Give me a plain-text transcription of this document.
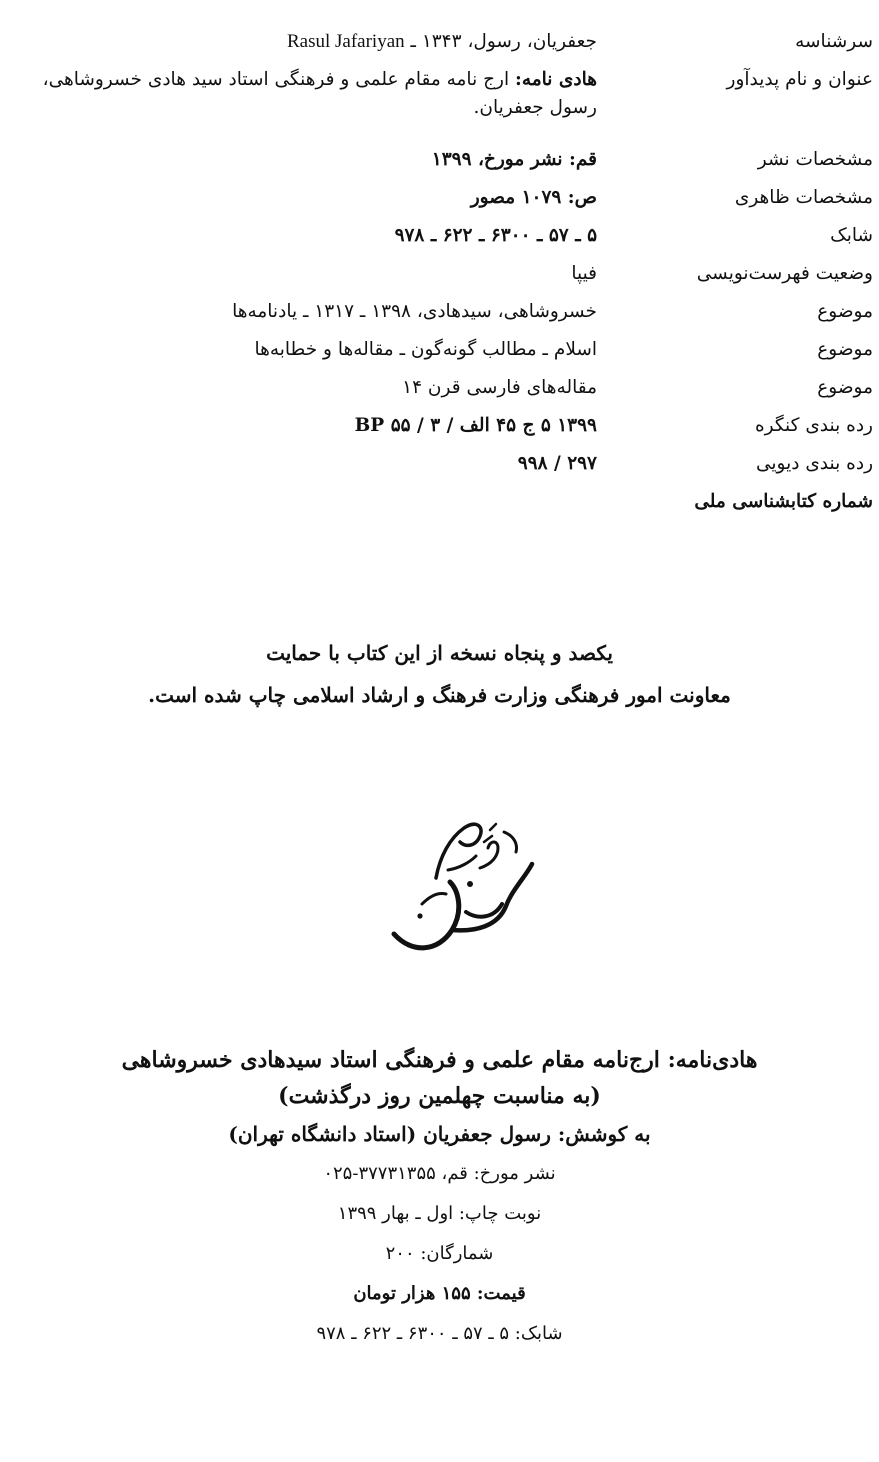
سرشناسه
جعفریان، رسول، ۱۳۴۳ ـ Rasul Jafariyan
عنوان و نام پدیدآور
هادی نامه: ارج نامه مقام علمی و فرهنگی استاد سید هادی خسروشاهی، رسول جعفریان.
مشخصات نشر
قم: نشر مورخ، ۱۳۹۹
مشخصات ظاهری
ص: ۱۰۷۹ مصور
شابک
۵ ـ ۵۷ ـ ۶۳۰۰ ـ ۶۲۲ ـ ۹۷۸
وضعیت فهرست‌نویسی
فیپا
موضوع
خسروشاهی، سیدهادی، ۱۳۹۸ ـ ۱۳۱۷ ـ یادنامه‌ها
موضوع
اسلام ـ مطالب گونه‌گون ـ مقاله‌ها و خطابه‌ها
موضوع
مقاله‌های فارسی قرن ۱۴
رده بندی کنگره
۱۳۹۹ ۵ ج ۴۵ الف / ۳ / ۵۵ BP
رده بندی دیویی
۲۹۷ / ۹۹۸
شماره کتابشناسی ملی
یکصد و پنجاه نسخه از این کتاب با حمایت
معاونت امور فرهنگی وزارت فرهنگ و ارشاد اسلامی چاپ شده است.
هادی‌نامه: ارج‌نامه مقام علمی و فرهنگی استاد سیدهادی خسروشاهی
(به مناسبت چهلمین روز درگذشت)
به کوشش: رسول جعفریان (استاد دانشگاه تهران)
نشر مورخ: قم، ۳۷۷۳۱۳۵۵-۰۲۵
نوبت چاپ: اول ـ بهار ۱۳۹۹
شمارگان: ۲۰۰
قیمت: ۱۵۵ هزار تومان
شابک: ۵ ـ ۵۷ ـ ۶۳۰۰ ـ ۶۲۲ ـ ۹۷۸
